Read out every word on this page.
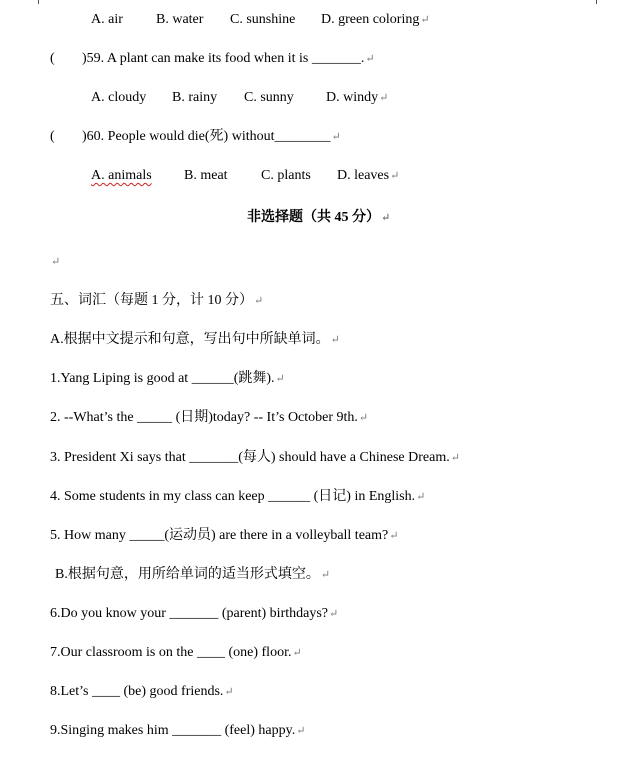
A. air B. water C. sunshine D. green coloring↵
( )59. A plant can make its food when it is _______.↵
A. cloudy B. rainy C. sunny D. windy↵
( )60. People would die(死) without________↵
A. animals B. meat C. plants D. leaves↵
非选择题（共 45 分）↵
↵
五、词汇（每题 1 分，计 10 分）↵
A.根据中文提示和句意，写出句中所缺单词。↵
1.Yang Liping is good at ______(跳舞).↵
2. --What’s the _____ (日期)today? -- It’s October 9th.↵
3. President Xi says that _______(每人) should have a Chinese Dream.↵
4. Some students in my class can keep ______ (日记) in English.↵
5. How many _____(运动员) are there in a volleyball team?↵
B.根据句意，用所给单词的适当形式填空。↵
6.Do you know your _______ (parent) birthdays?↵
7.Our classroom is on the ____ (one) floor.↵
8.Let’s ____ (be) good friends.↵
9.Singing makes him _______ (feel) happy.↵
